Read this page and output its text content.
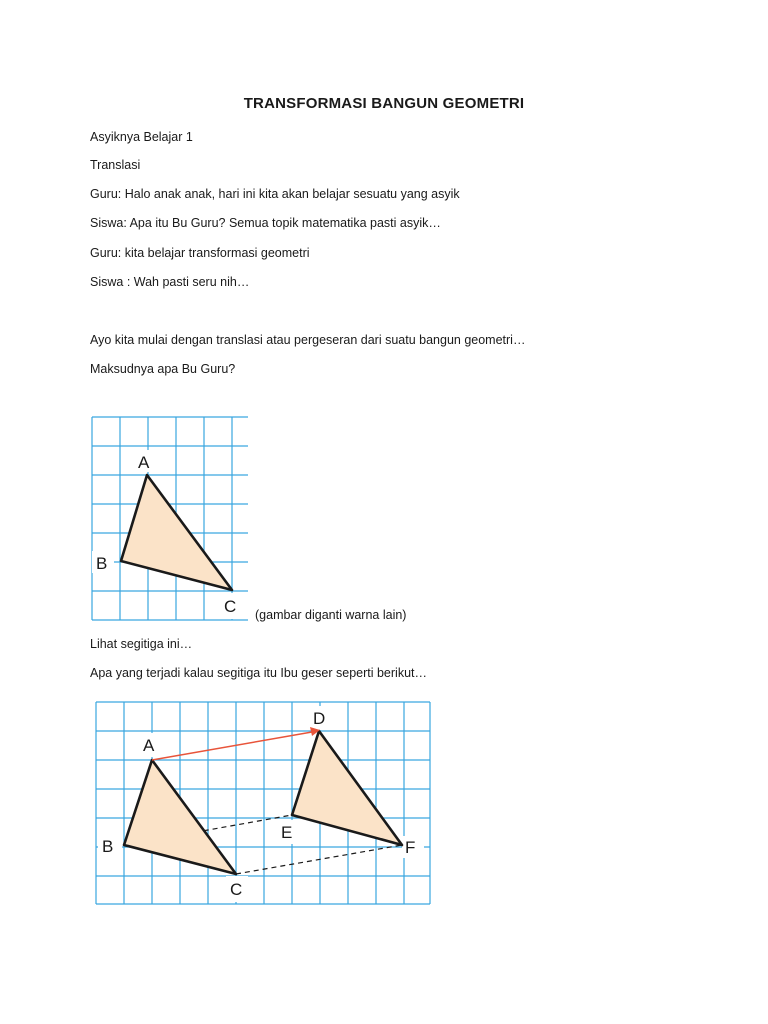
TRANSFORMASI BANGUN GEOMETRI
Asyiknya Belajar 1
Translasi
Guru: Halo anak anak, hari ini kita akan belajar sesuatu yang asyik
Siswa: Apa itu Bu Guru? Semua topik matematika pasti asyik…
Guru: kita belajar transformasi geometri
Siswa : Wah pasti seru nih…
Ayo kita mulai dengan translasi atau pergeseran dari suatu bangun geometri…
Maksudnya apa Bu Guru?
A
B
C (gambar diganti warna lain)
Lihat segitiga ini…
Apa yang terjadi kalau segitiga itu Ibu geser seperti berikut…
A
B
C
D
E
F
